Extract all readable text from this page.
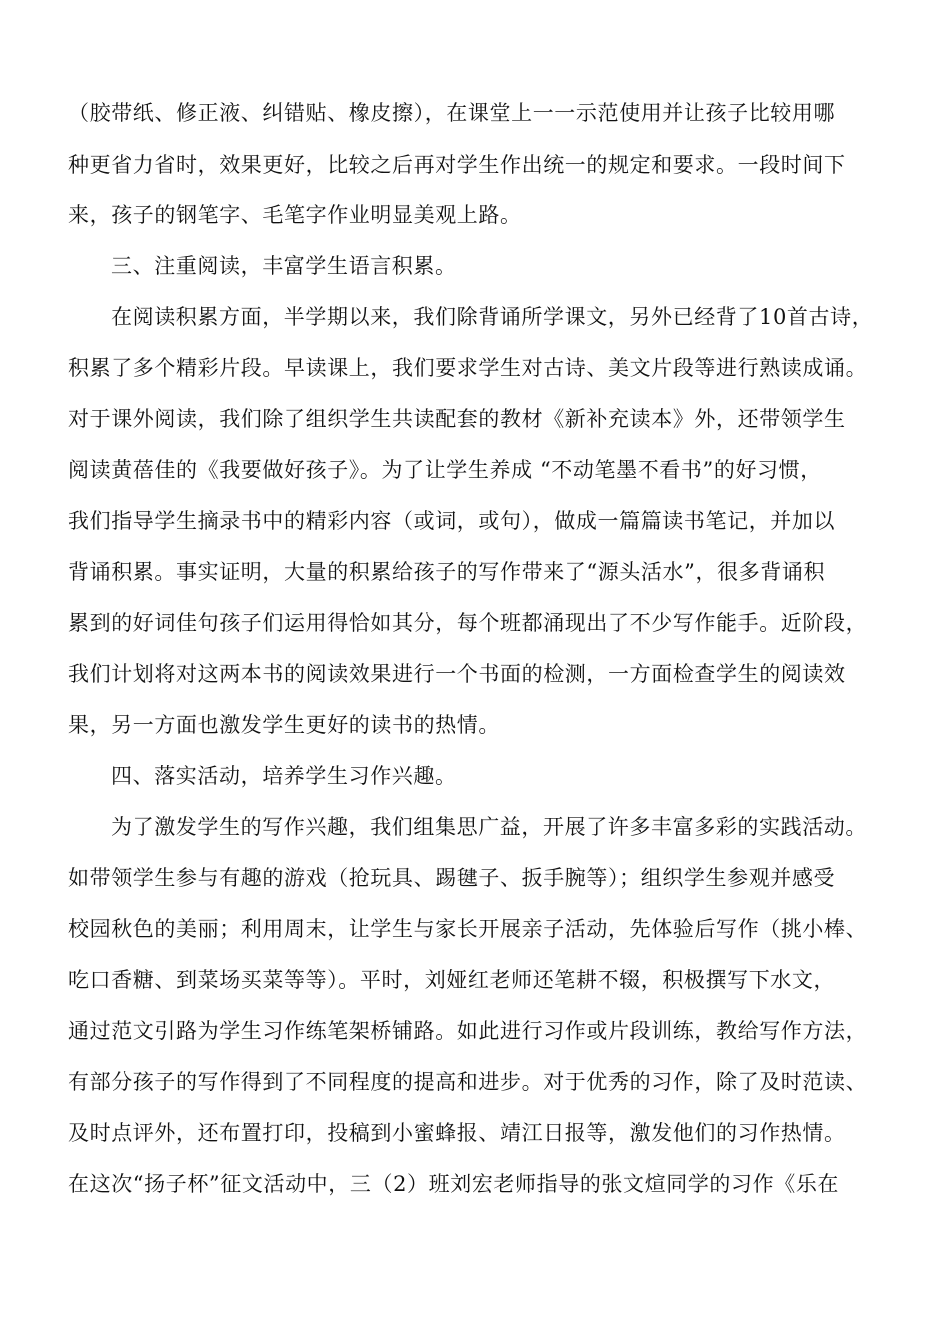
（胶带纸、修正液、纠错贴、橡皮擦），在课堂上一一示范使用并让孩子比较用哪
种更省力省时，效果更好，比较之后再对学生作出统一的规定和要求。一段时间下
来，孩子的钢笔字、毛笔字作业明显美观上路。
三、注重阅读，丰富学生语言积累。
在阅读积累方面，半学期以来，我们除背诵所学课文，另外已经背了10首古诗，
积累了多个精彩片段。早读课上，我们要求学生对古诗、美文片段等进行熟读成诵。
对于课外阅读，我们除了组织学生共读配套的教材《新补充读本》外，还带领学生
阅读黄蓓佳的《我要做好孩子》。为了让学生养成 “不动笔墨不看书”的好习惯，
我们指导学生摘录书中的精彩内容（或词，或句），做成一篇篇读书笔记，并加以
背诵积累。事实证明，大量的积累给孩子的写作带来了“源头活水”，很多背诵积
累到的好词佳句孩子们运用得恰如其分，每个班都涌现出了不少写作能手。近阶段，
我们计划将对这两本书的阅读效果进行一个书面的检测，一方面检查学生的阅读效
果，另一方面也激发学生更好的读书的热情。
四、落实活动，培养学生习作兴趣。
为了激发学生的写作兴趣，我们组集思广益，开展了许多丰富多彩的实践活动。
如带领学生参与有趣的游戏（抢玩具、踢毽子、扳手腕等）；组织学生参观并感受
校园秋色的美丽；利用周末，让学生与家长开展亲子活动，先体验后写作（挑小棒、
吃口香糖、到菜场买菜等等）。平时，刘娅红老师还笔耕不辍，积极撰写下水文，
通过范文引路为学生习作练笔架桥铺路。如此进行习作或片段训练，教给写作方法，
有部分孩子的写作得到了不同程度的提高和进步。对于优秀的习作，除了及时范读、
及时点评外，还布置打印，投稿到小蜜蜂报、靖江日报等，激发他们的习作热情。
在这次“扬子杯”征文活动中，三（2）班刘宏老师指导的张文煊同学的习作《乐在
